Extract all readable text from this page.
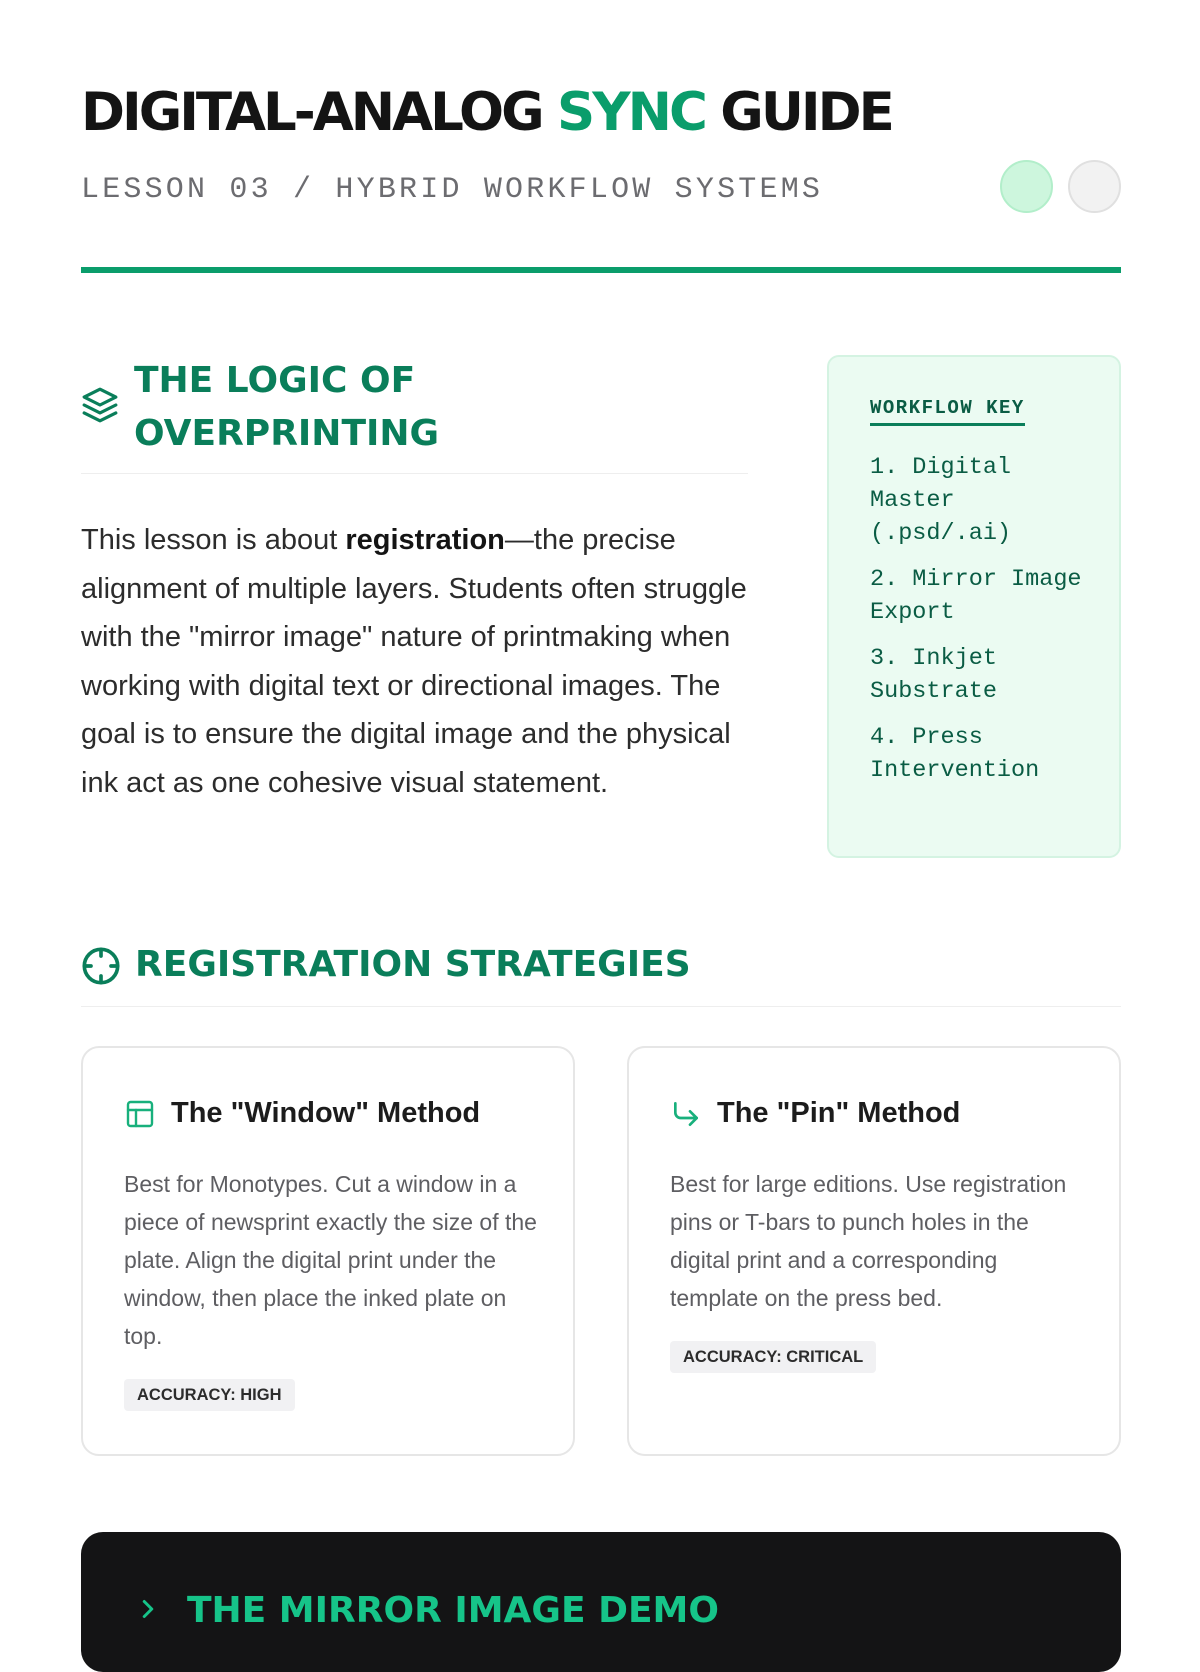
DIGITAL-ANALOG SYNC GUIDE
LESSON 03 / HYBRID WORKFLOW SYSTEMS
THE LOGIC OF OVERPRINTING

This lesson is about registration—the precise alignment of multiple layers. Students often struggle with the "mirror image" nature of printmaking when working with digital text or directional images. The goal is to ensure the digital image and the physical ink act as one cohesive visual statement.

WORKFLOW KEY
1. Digital Master (.psd/.ai)
2. Mirror Image Export
3. Inkjet Substrate
4. Press Intervention
REGISTRATION STRATEGIES
The "Window" Method

Best for Monotypes. Cut a window in a piece of newsprint exactly the size of the plate. Align the digital print under the window, then place the inked plate on top.

ACCURACY: HIGH
The "Pin" Method

Best for large editions. Use registration pins or T-bars to punch holes in the digital print and a corresponding template on the press bed.

ACCURACY: CRITICAL
THE MIRROR IMAGE DEMO
